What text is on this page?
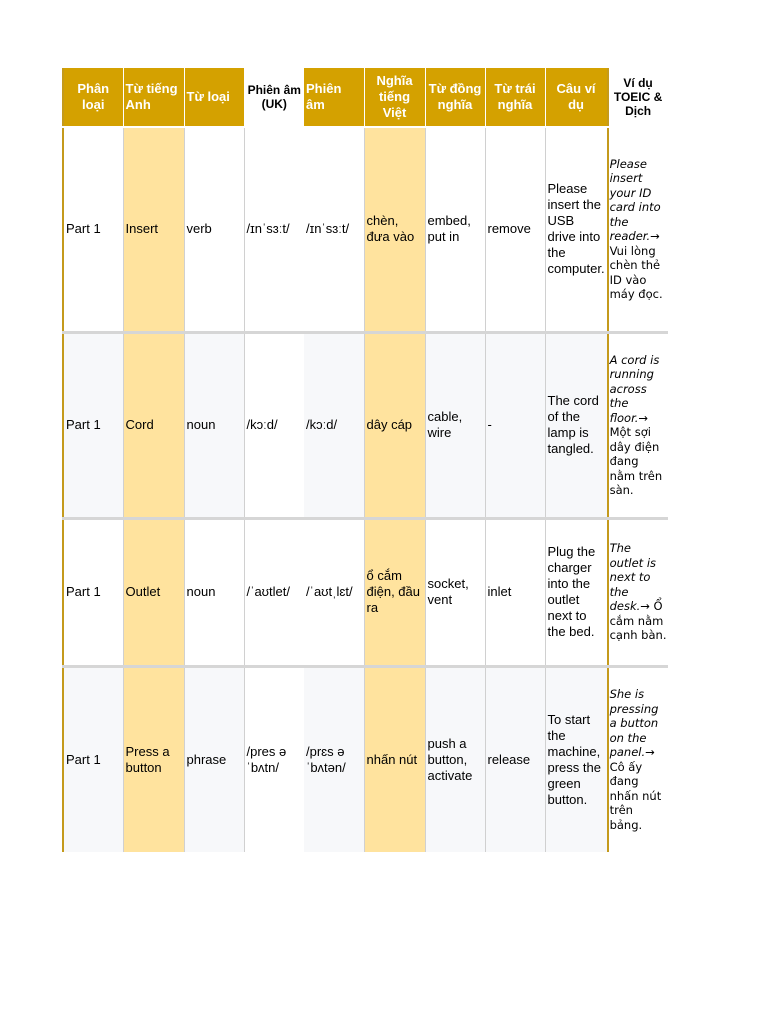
Phân loại	Từ tiếng Anh	Từ loại	Phiên âm (UK)	Phiên âm	Nghĩa tiếng Việt	Từ đồng nghĩa	Từ trái nghĩa	Câu ví dụ	Ví dụ TOEIC & Dịch
Part 1	Insert	verb	/ɪnˈsɜːt/	/ɪnˈsɜːt/	chèn, đưa vào	embed, put in	remove	Please insert the USB drive into the computer.	Please insert your ID card into the reader.→ Vui lòng chèn thẻ ID vào máy đọc.
Part 1	Cord	noun	/kɔːd/	/kɔːd/	dây cáp	cable, wire	-	The cord of the lamp is tangled.	A cord is running across the floor.→ Một sợi dây điện đang nằm trên sàn.
Part 1	Outlet	noun	/ˈaʊtlet/	/ˈaʊtˌlɛt/	ổ cắm điện, đầu ra	socket, vent	inlet	Plug the charger into the outlet next to the bed.	The outlet is next to the desk.→ Ổ cắm nằm cạnh bàn.
Part 1	Press a button	phrase	/pres ə ˈbʌtn/	/prɛs ə ˈbʌtən/	nhấn nút	push a button, activate	release	To start the machine, press the green button.	She is pressing a button on the panel.→ Cô ấy đang nhấn nút trên bảng.
